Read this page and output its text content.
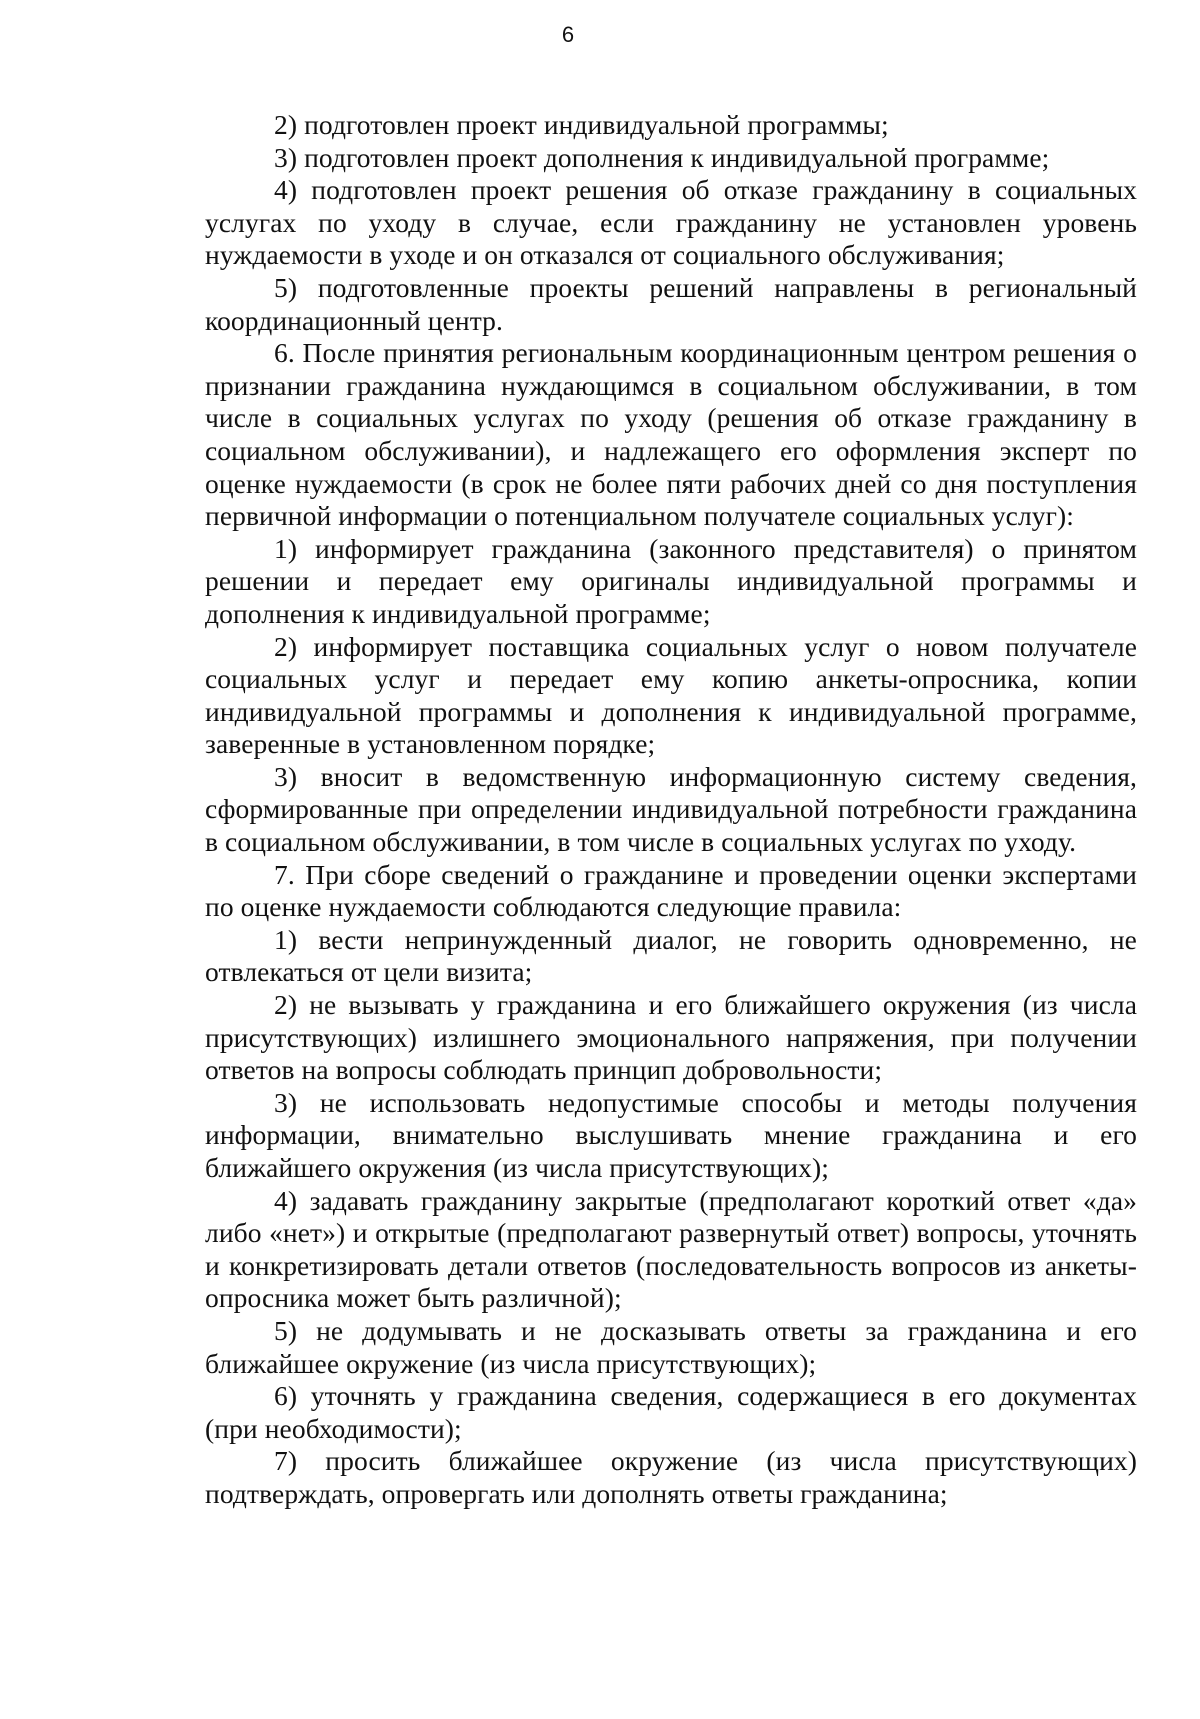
6

2) подготовлен проект индивидуальной программы;

3) подготовлен проект дополнения к индивидуальной программе;

4) подготовлен проект решения об отказе гражданину в социальных услугах по уходу в случае, если гражданину не установлен уровень нуждаемости в уходе и он отказался от социального обслуживания;

5) подготовленные проекты решений направлены в региональный координационный центр.

6. После принятия региональным координационным центром решения о признании гражданина нуждающимся в социальном обслуживании, в том числе в социальных услугах по уходу (решения об отказе гражданину в социальном обслуживании), и надлежащего его оформления эксперт по оценке нуждаемости (в срок не более пяти рабочих дней со дня поступления первичной информации о потенциальном получателе социальных услуг):

1) информирует гражданина (законного представителя) о принятом решении и передает ему оригиналы индивидуальной программы и дополнения к индивидуальной программе;

2) информирует поставщика социальных услуг о новом получателе социальных услуг и передает ему копию анкеты-опросника, копии индивидуальной программы и дополнения к индивидуальной программе, заверенные в установленном порядке;

3) вносит в ведомственную информационную систему сведения, сформированные при определении индивидуальной потребности гражданина в социальном обслуживании, в том числе в социальных услугах по уходу.

7. При сборе сведений о гражданине и проведении оценки экспертами по оценке нуждаемости соблюдаются следующие правила:

1) вести непринужденный диалог, не говорить одновременно, не отвлекаться от цели визита;

2) не вызывать у гражданина и его ближайшего окружения (из числа присутствующих) излишнего эмоционального напряжения, при получении ответов на вопросы соблюдать принцип добровольности;

3) не использовать недопустимые способы и методы получения информации, внимательно выслушивать мнение гражданина и его ближайшего окружения (из числа присутствующих);

4) задавать гражданину закрытые (предполагают короткий ответ «да» либо «нет») и открытые (предполагают развернутый ответ) вопросы, уточнять и конкретизировать детали ответов (последовательность вопросов из анкеты-опросника может быть различной);

5) не додумывать и не досказывать ответы за гражданина и его ближайшее окружение (из числа присутствующих);

6) уточнять у гражданина сведения, содержащиеся в его документах (при необходимости);

7) просить ближайшее окружение (из числа присутствующих) подтверждать, опровергать или дополнять ответы гражданина;
